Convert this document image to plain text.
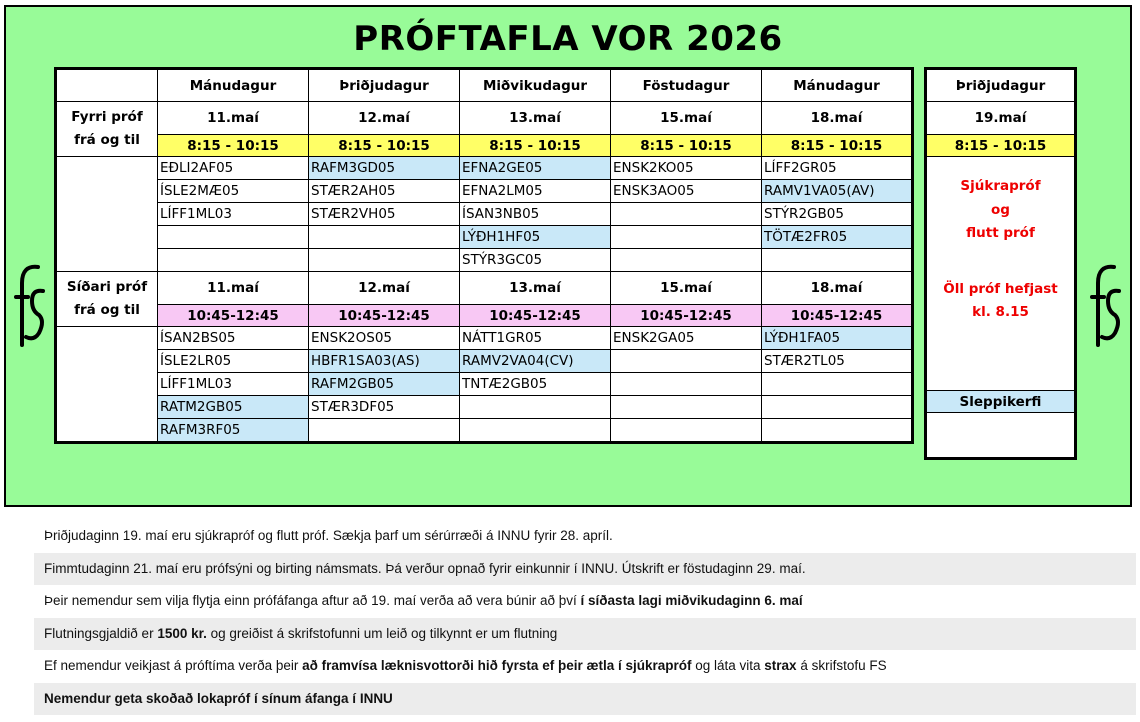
PRÓFTAFLA VOR 2026
	Mánudagur	Þriðjudagur	Miðvikudagur	Föstudagur	Mánudagur

Fyrri próf
frá og til	11.maí	12.maí	13.maí	15.maí	18.maí
	8:15 - 10:15	8:15 - 10:15	8:15 - 10:15	8:15 - 10:15	8:15 - 10:15
	EÐLI2AF05	RAFM3GD05	EFNA2GE05	ENSK2KO05	LÍFF2GR05
	ÍSLE2MÆ05	STÆR2AH05	EFNA2LM05	ENSK3AO05	RAMV1VA05(AV)
	LÍFF1ML03	STÆR2VH05	ÍSAN3NB05		STÝR2GB05
			LÝÐH1HF05		TÖTÆ2FR05
			STÝR3GC05		

Síðari próf
frá og til	11.maí	12.maí	13.maí	15.maí	18.maí
	10:45-12:45	10:45-12:45	10:45-12:45	10:45-12:45	10:45-12:45
	ÍSAN2BS05	ENSK2OS05	NÁTT1GR05	ENSK2GA05	LÝÐH1FA05
	ÍSLE2LR05	HBFR1SA03(AS)	RAMV2VA04(CV)		STÆR2TL05
	LÍFF1ML03	RAFM2GB05	TNTÆ2GB05		
	RATM2GB05	STÆR3DF05			
	RAFM3RF05				
Þriðjudagur
19.maí
8:15 - 10:15

Sjúkrapróf
og
flutt próf
Öll próf hefjast
kl. 8.15

Sleppikerfi

Þriðjudaginn 19. maí eru sjúkrapróf og flutt próf. Sækja þarf um sérúrræði á INNU fyrir 28. apríl.
Fimmtudaginn 21. maí eru prófsýni og birting námsmats. Þá verður opnað fyrir einkunnir í INNU. Útskrift er föstudaginn 29. maí.
Þeir nemendur sem vilja flytja einn prófáfanga aftur að 19. maí verða að vera búnir að því í síðasta lagi miðvikudaginn 6. maí
Flutningsgjaldið er 1500 kr. og greiðist á skrifstofunni um leið og tilkynnt er um flutning
Ef nemendur veikjast á próftíma verða þeir að framvísa læknisvottorði hið fyrsta ef þeir ætla í sjúkrapróf og láta vita strax á skrifstofu FS
Nemendur geta skoðað lokapróf í sínum áfanga í INNU
